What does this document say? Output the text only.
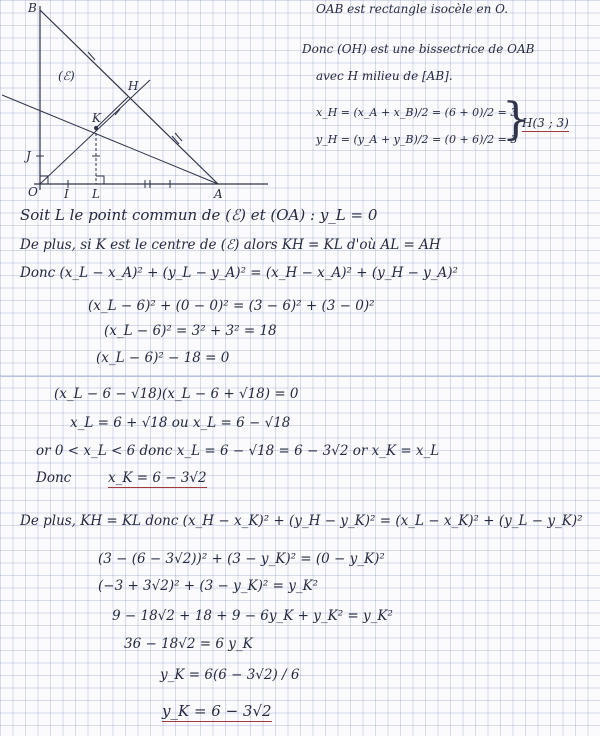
B
O	A
H
K
J
I L
(ℰ)
OAB est rectangle isocèle en O.
Donc (OH) est une bissectrice de OAB
avec H milieu de [AB].
x_H = (x_A + x_B)/2 = (6 + 0)/2 = 3
y_H = (y_A + y_B)/2 = (0 + 6)/2 = 3
}
H(3 ; 3)
Soit L le point commun de (ℰ) et (OA) : y_L = 0
De plus, si K est le centre de (ℰ) alors KH = KL d'où AL = AH
Donc (x_L − x_A)² + (y_L − y_A)² = (x_H − x_A)² + (y_H − y_A)²
(x_L − 6)² + (0 − 0)² = (3 − 6)² + (3 − 0)²
(x_L − 6)² = 3² + 3² = 18
(x_L − 6)² − 18 = 0
(x_L − 6 − √18)(x_L − 6 + √18) = 0
x_L = 6 + √18 ou x_L = 6 − √18
or 0 < x_L < 6 donc x_L = 6 − √18 = 6 − 3√2 or x_K = x_L
Donc	x_K = 6 − 3√2
De plus, KH = KL donc (x_H − x_K)² + (y_H − y_K)² = (x_L − x_K)² + (y_L − y_K)²
(3 − (6 − 3√2))² + (3 − y_K)² = (0 − y_K)²
(−3 + 3√2)² + (3 − y_K)² = y_K²
9 − 18√2 + 18 + 9 − 6y_K + y_K² = y_K²
36 − 18√2 = 6 y_K
y_K = 6(6 − 3√2) / 6
y_K = 6 − 3√2
